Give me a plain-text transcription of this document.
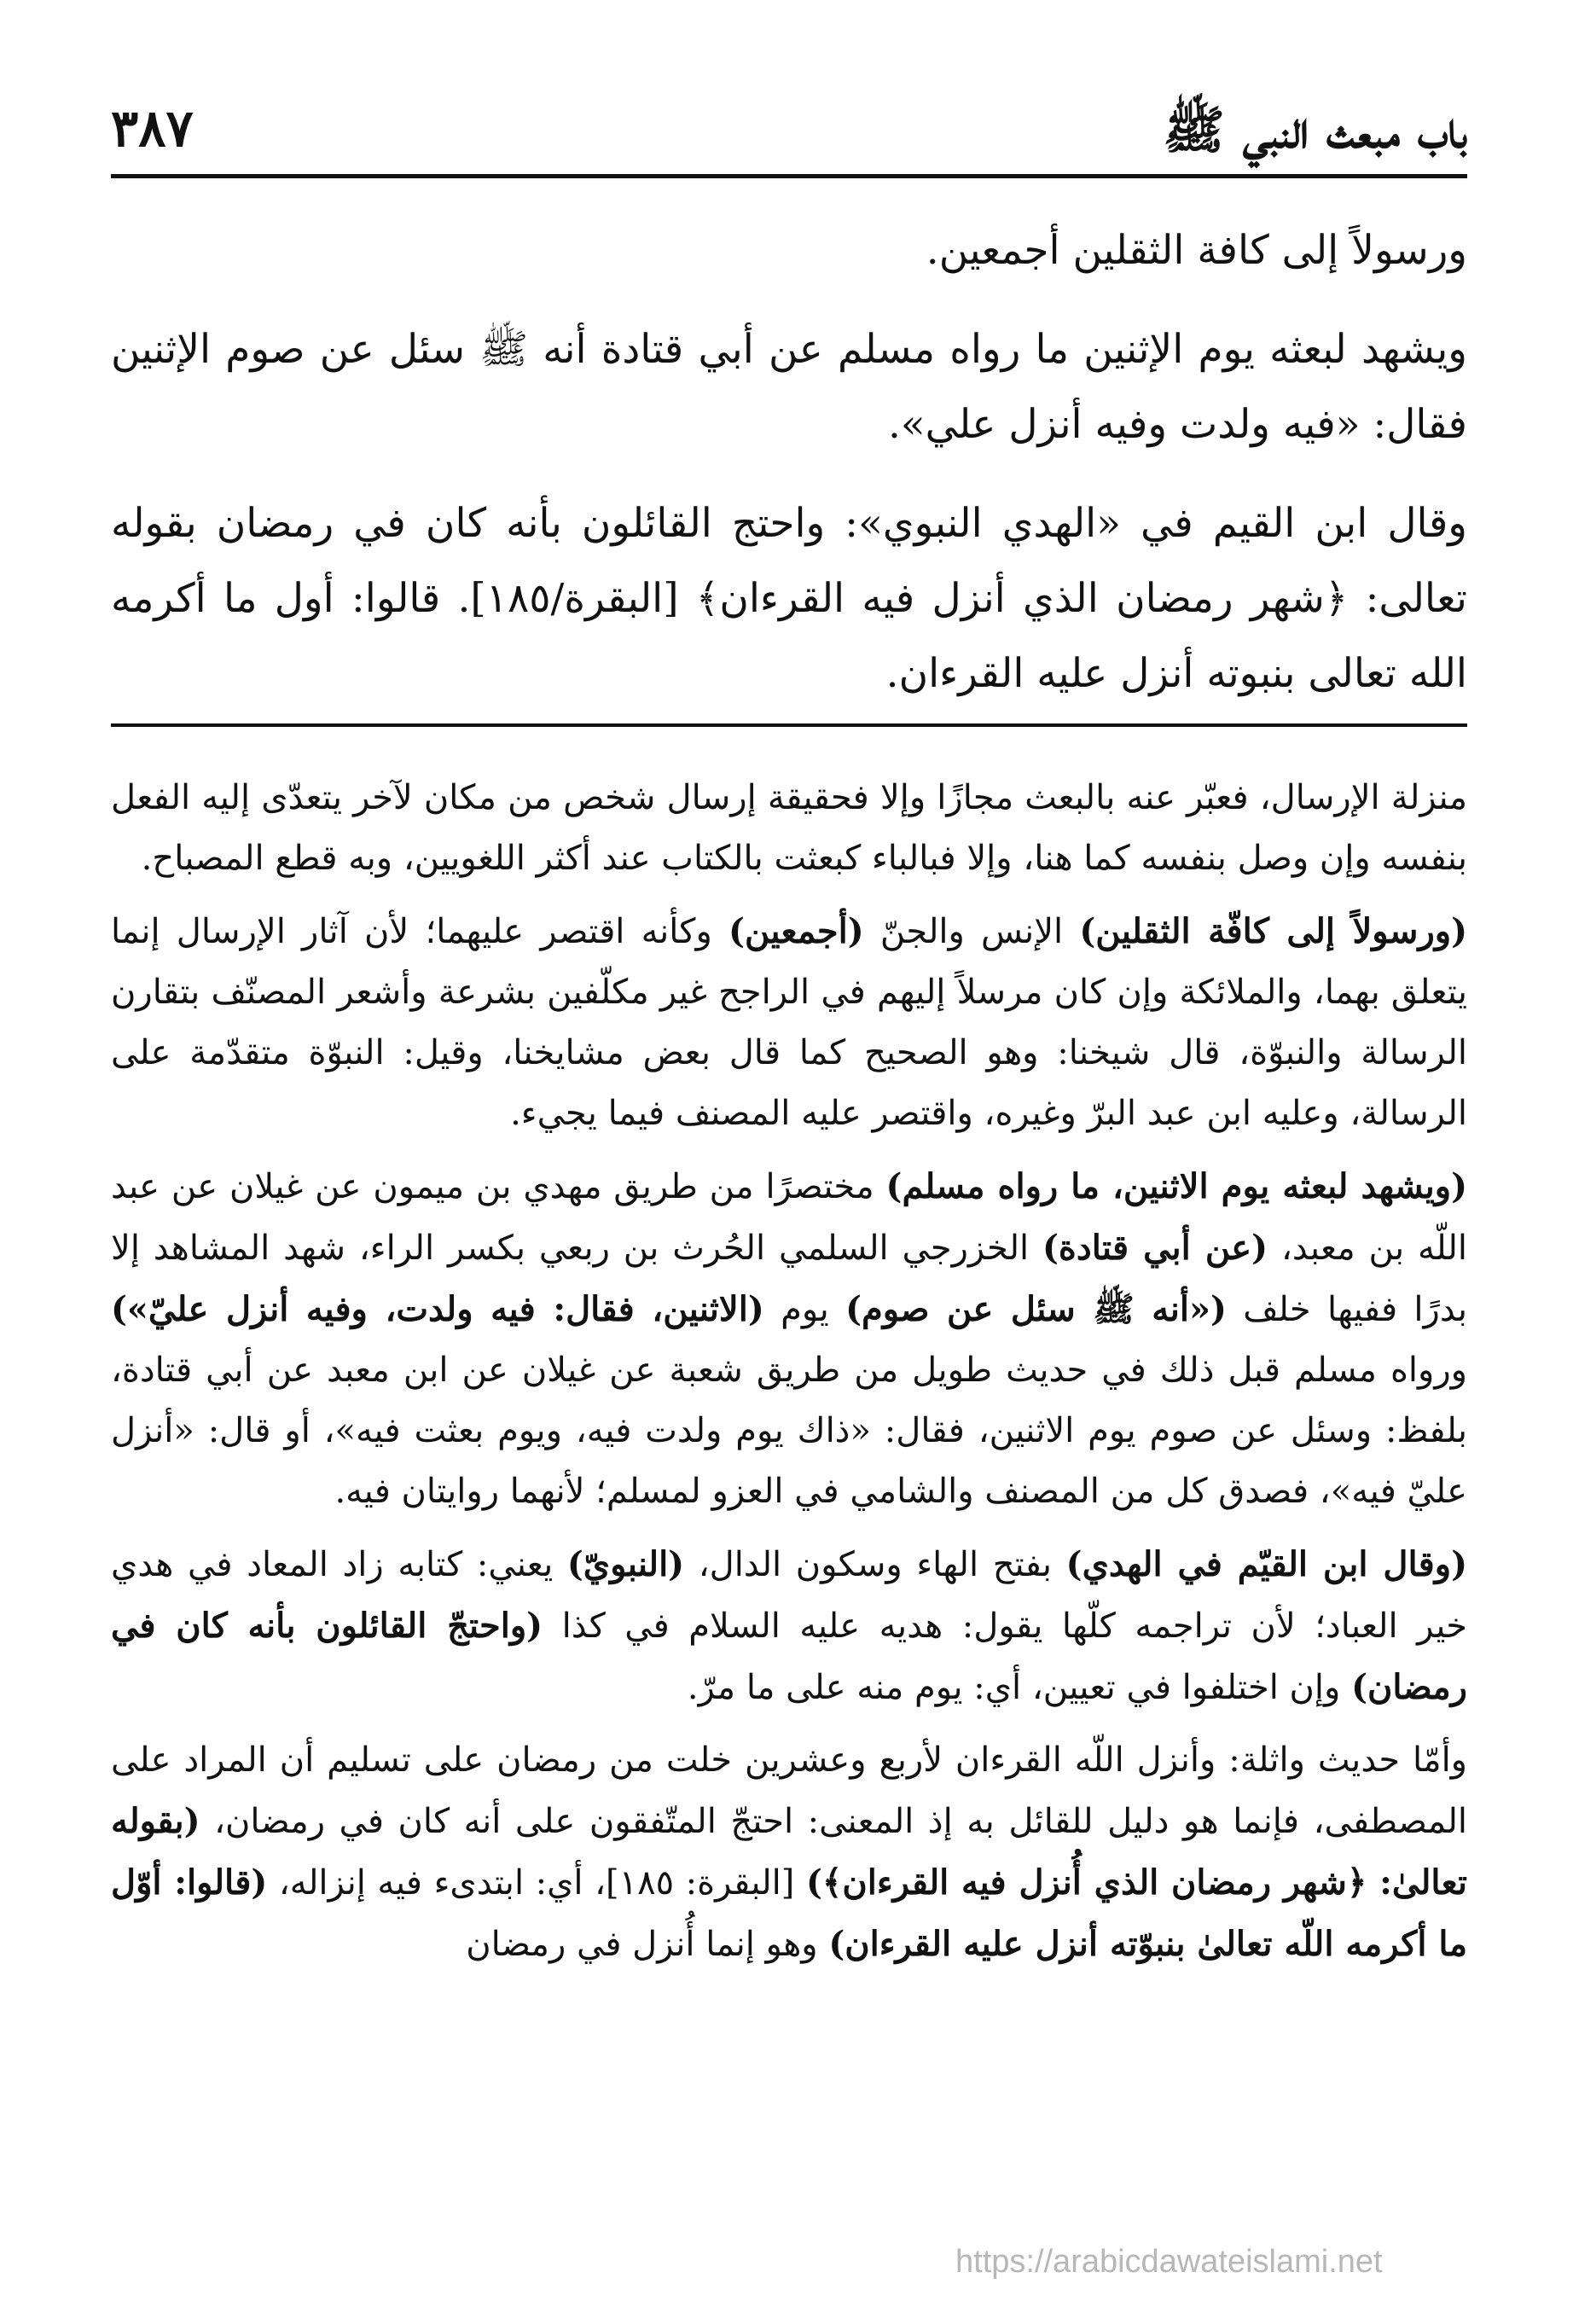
باب مبعث النبي ﷺ
٣٨٧

ورسولاً إلى كافة الثقلين أجمعين.

ويشهد لبعثه يوم الإثنين ما رواه مسلم عن أبي قتادة أنه ﷺ سئل عن صوم الإثنين فقال: «فيه ولدت وفيه أنزل علي».

وقال ابن القيم في «الهدي النبوي»: واحتج القائلون بأنه كان في رمضان بقوله تعالى: ﴿شهر رمضان الذي أنزل فيه القرءان﴾ [البقرة/١٨٥]. قالوا: أول ما أكرمه الله تعالى بنبوته أنزل عليه القرءان.

منزلة الإرسال، فعبّر عنه بالبعث مجازًا وإلا فحقيقة إرسال شخص من مكان لآخر يتعدّى إليه الفعل بنفسه وإن وصل بنفسه كما هنا، وإلا فبالباء كبعثت بالكتاب عند أكثر اللغويين، وبه قطع المصباح.

(ورسولاً إلى كافّة الثقلين) الإنس والجنّ (أجمعين) وكأنه اقتصر عليهما؛ لأن آثار الإرسال إنما يتعلق بهما، والملائكة وإن كان مرسلاً إليهم في الراجح غير مكلّفين بشرعة وأشعر المصنّف بتقارن الرسالة والنبوّة، قال شيخنا: وهو الصحيح كما قال بعض مشايخنا، وقيل: النبوّة متقدّمة على الرسالة، وعليه ابن عبد البرّ وغيره، واقتصر عليه المصنف فيما يجيء.

(ويشهد لبعثه يوم الاثنين، ما رواه مسلم) مختصرًا من طريق مهدي بن ميمون عن غيلان عن عبد اللّه بن معبد، (عن أبي قتادة) الخزرجي السلمي الحُرث بن ربعي بكسر الراء، شهد المشاهد إلا بدرًا ففيها خلف («أنه ﷺ سئل عن صوم) يوم (الاثنين، فقال: فيه ولدت، وفيه أنزل عليّ») ورواه مسلم قبل ذلك في حديث طويل من طريق شعبة عن غيلان عن ابن معبد عن أبي قتادة، بلفظ: وسئل عن صوم يوم الاثنين، فقال: «ذاك يوم ولدت فيه، ويوم بعثت فيه»، أو قال: «أنزل عليّ فيه»، فصدق كل من المصنف والشامي في العزو لمسلم؛ لأنهما روايتان فيه.

(وقال ابن القيّم في الهدي) بفتح الهاء وسكون الدال، (النبويّ) يعني: كتابه زاد المعاد في هدي خير العباد؛ لأن تراجمه كلّها يقول: هديه عليه السلام في كذا (واحتجّ القائلون بأنه كان في رمضان) وإن اختلفوا في تعيين، أي: يوم منه على ما مرّ.

وأمّا حديث واثلة: وأنزل اللّه القرءان لأربع وعشرين خلت من رمضان على تسليم أن المراد على المصطفى، فإنما هو دليل للقائل به إذ المعنى: احتجّ المتّفقون على أنه كان في رمضان، (بقوله تعالىٰ: ﴿شهر رمضان الذي أُنزل فيه القرءان﴾) [البقرة: ١٨٥]، أي: ابتدىء فيه إنزاله، (قالوا: أوّل ما أكرمه اللّه تعالىٰ بنبوّته أنزل عليه القرءان) وهو إنما أُنزل في رمضان

https://arabicdawateislami.net
